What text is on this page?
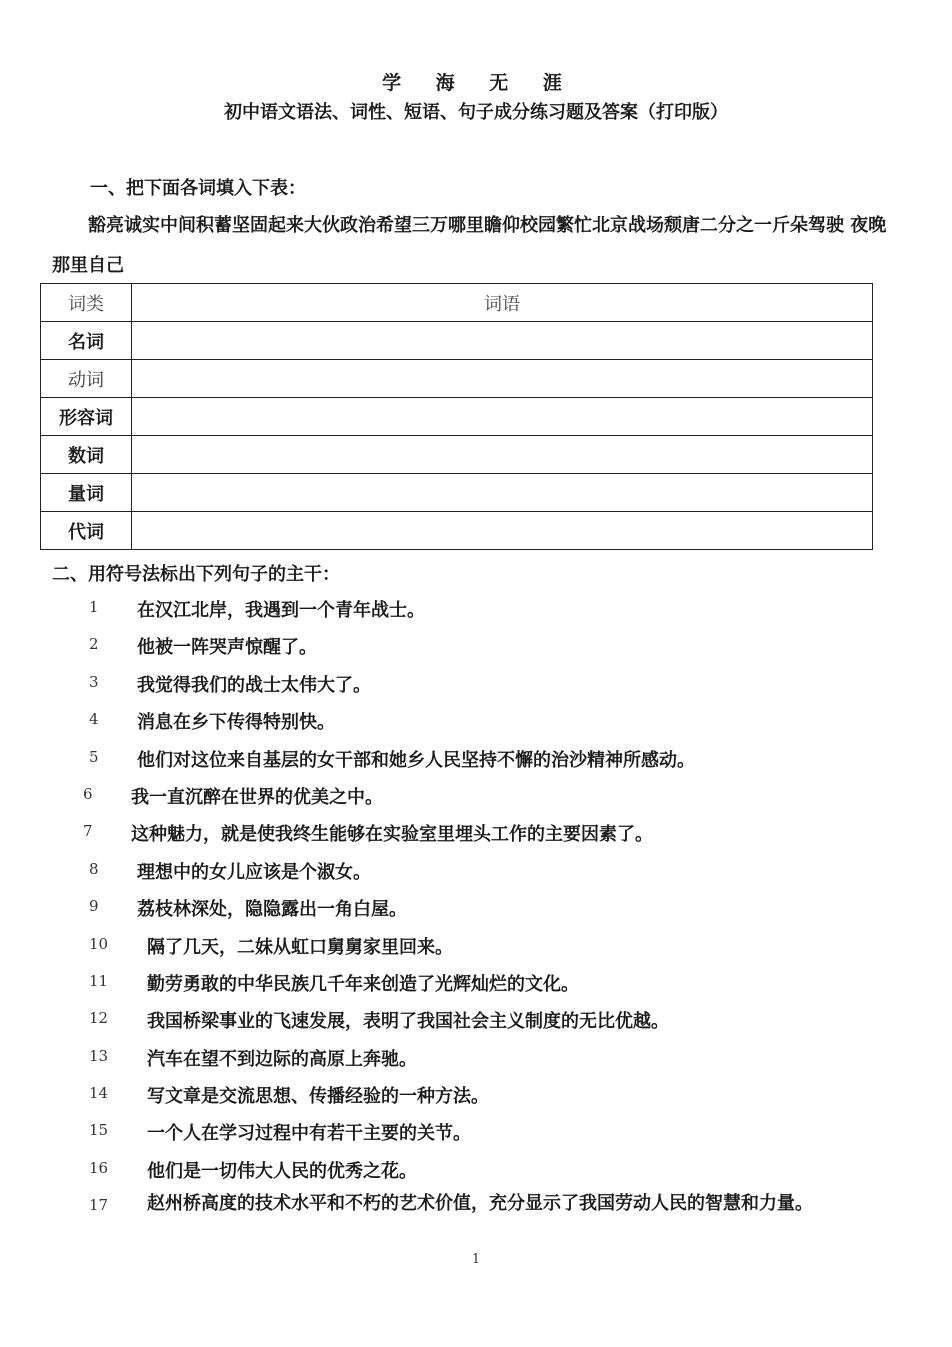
学 海 无 涯
初中语文语法、词性、短语、句子成分练习题及答案（打印版）
一、把下面各词填入下表：
豁亮诚实中间积蓄坚固起来大伙政治希望三万哪里瞻仰校园繁忙北京战场颓唐二分之一斤朵驾驶 夜晚那里自己
词类	词语
名词	
动词	
形容词	
数词	
量词	
代词	
二、用符号法标出下列句子的主干：
1 在汉江北岸，我遇到一个青年战士。
2 他被一阵哭声惊醒了。
3 我觉得我们的战士太伟大了。
4 消息在乡下传得特别快。
5 他们对这位来自基层的女干部和她乡人民坚持不懈的治沙精神所感动。
6 我一直沉醉在世界的优美之中。
7 这种魅力，就是使我终生能够在实验室里埋头工作的主要因素了。
8 理想中的女儿应该是个淑女。
9 荔枝林深处，隐隐露出一角白屋。
10 隔了几天，二妹从虹口舅舅家里回来。
11 勤劳勇敢的中华民族几千年来创造了光辉灿烂的文化。
12 我国桥梁事业的飞速发展，表明了我国社会主义制度的无比优越。
13 汽车在望不到边际的高原上奔驰。
14 写文章是交流思想、传播经验的一种方法。
15 一个人在学习过程中有若干主要的关节。
16 他们是一切伟大人民的优秀之花。
17 赵州桥高度的技术水平和不朽的艺术价值，充分显示了我国劳动人民的智慧和力量。
1
